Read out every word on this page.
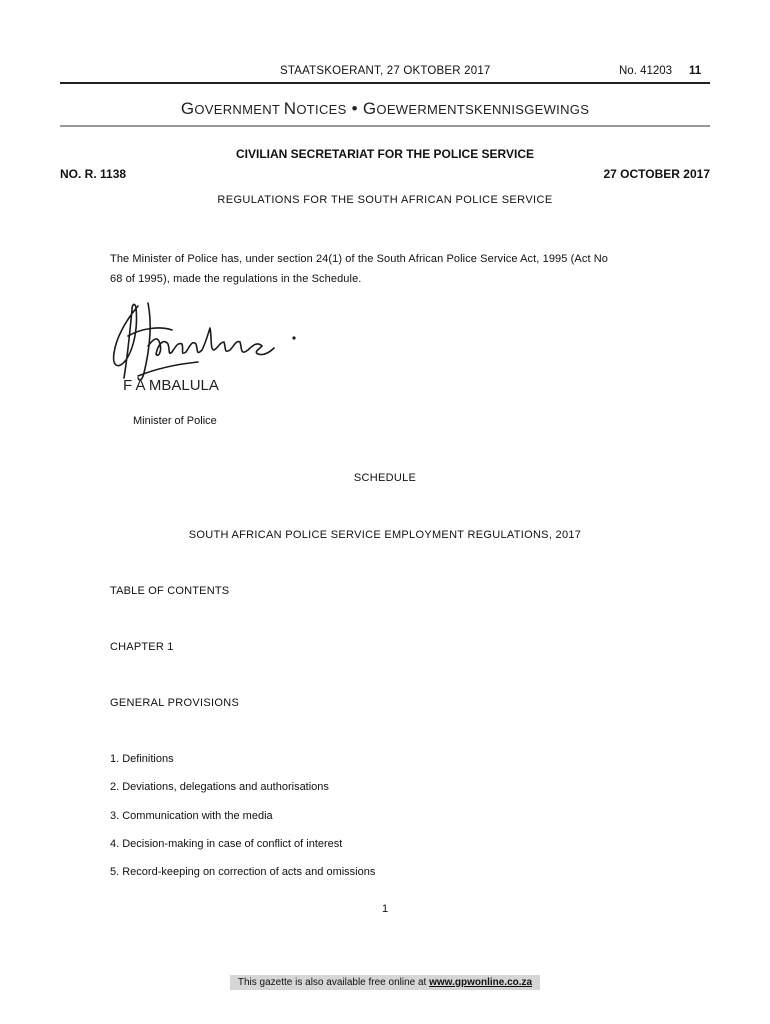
STAATSKOERANT, 27 OKTOBER 2017	No. 41203 11
GOVERNMENT NOTICES • GOEWERMENTSKENNISGEWINGS
CIVILIAN SECRETARIAT FOR THE POLICE SERVICE
NO. R. 1138	27 OCTOBER 2017
REGULATIONS FOR THE SOUTH AFRICAN POLICE SERVICE
The Minister of Police has, under section 24(1) of the South African Police Service Act, 1995 (Act No
68 of 1995), made the regulations in the Schedule.
F A MBALULA
Minister of Police
SCHEDULE
SOUTH AFRICAN POLICE SERVICE EMPLOYMENT REGULATIONS, 2017
TABLE OF CONTENTS
CHAPTER 1
GENERAL PROVISIONS
1. Definitions
2. Deviations, delegations and authorisations
3. Communication with the media
4. Decision-making in case of conflict of interest
5. Record-keeping on correction of acts and omissions
1
This gazette is also available free online at www.gpwonline.co.za
